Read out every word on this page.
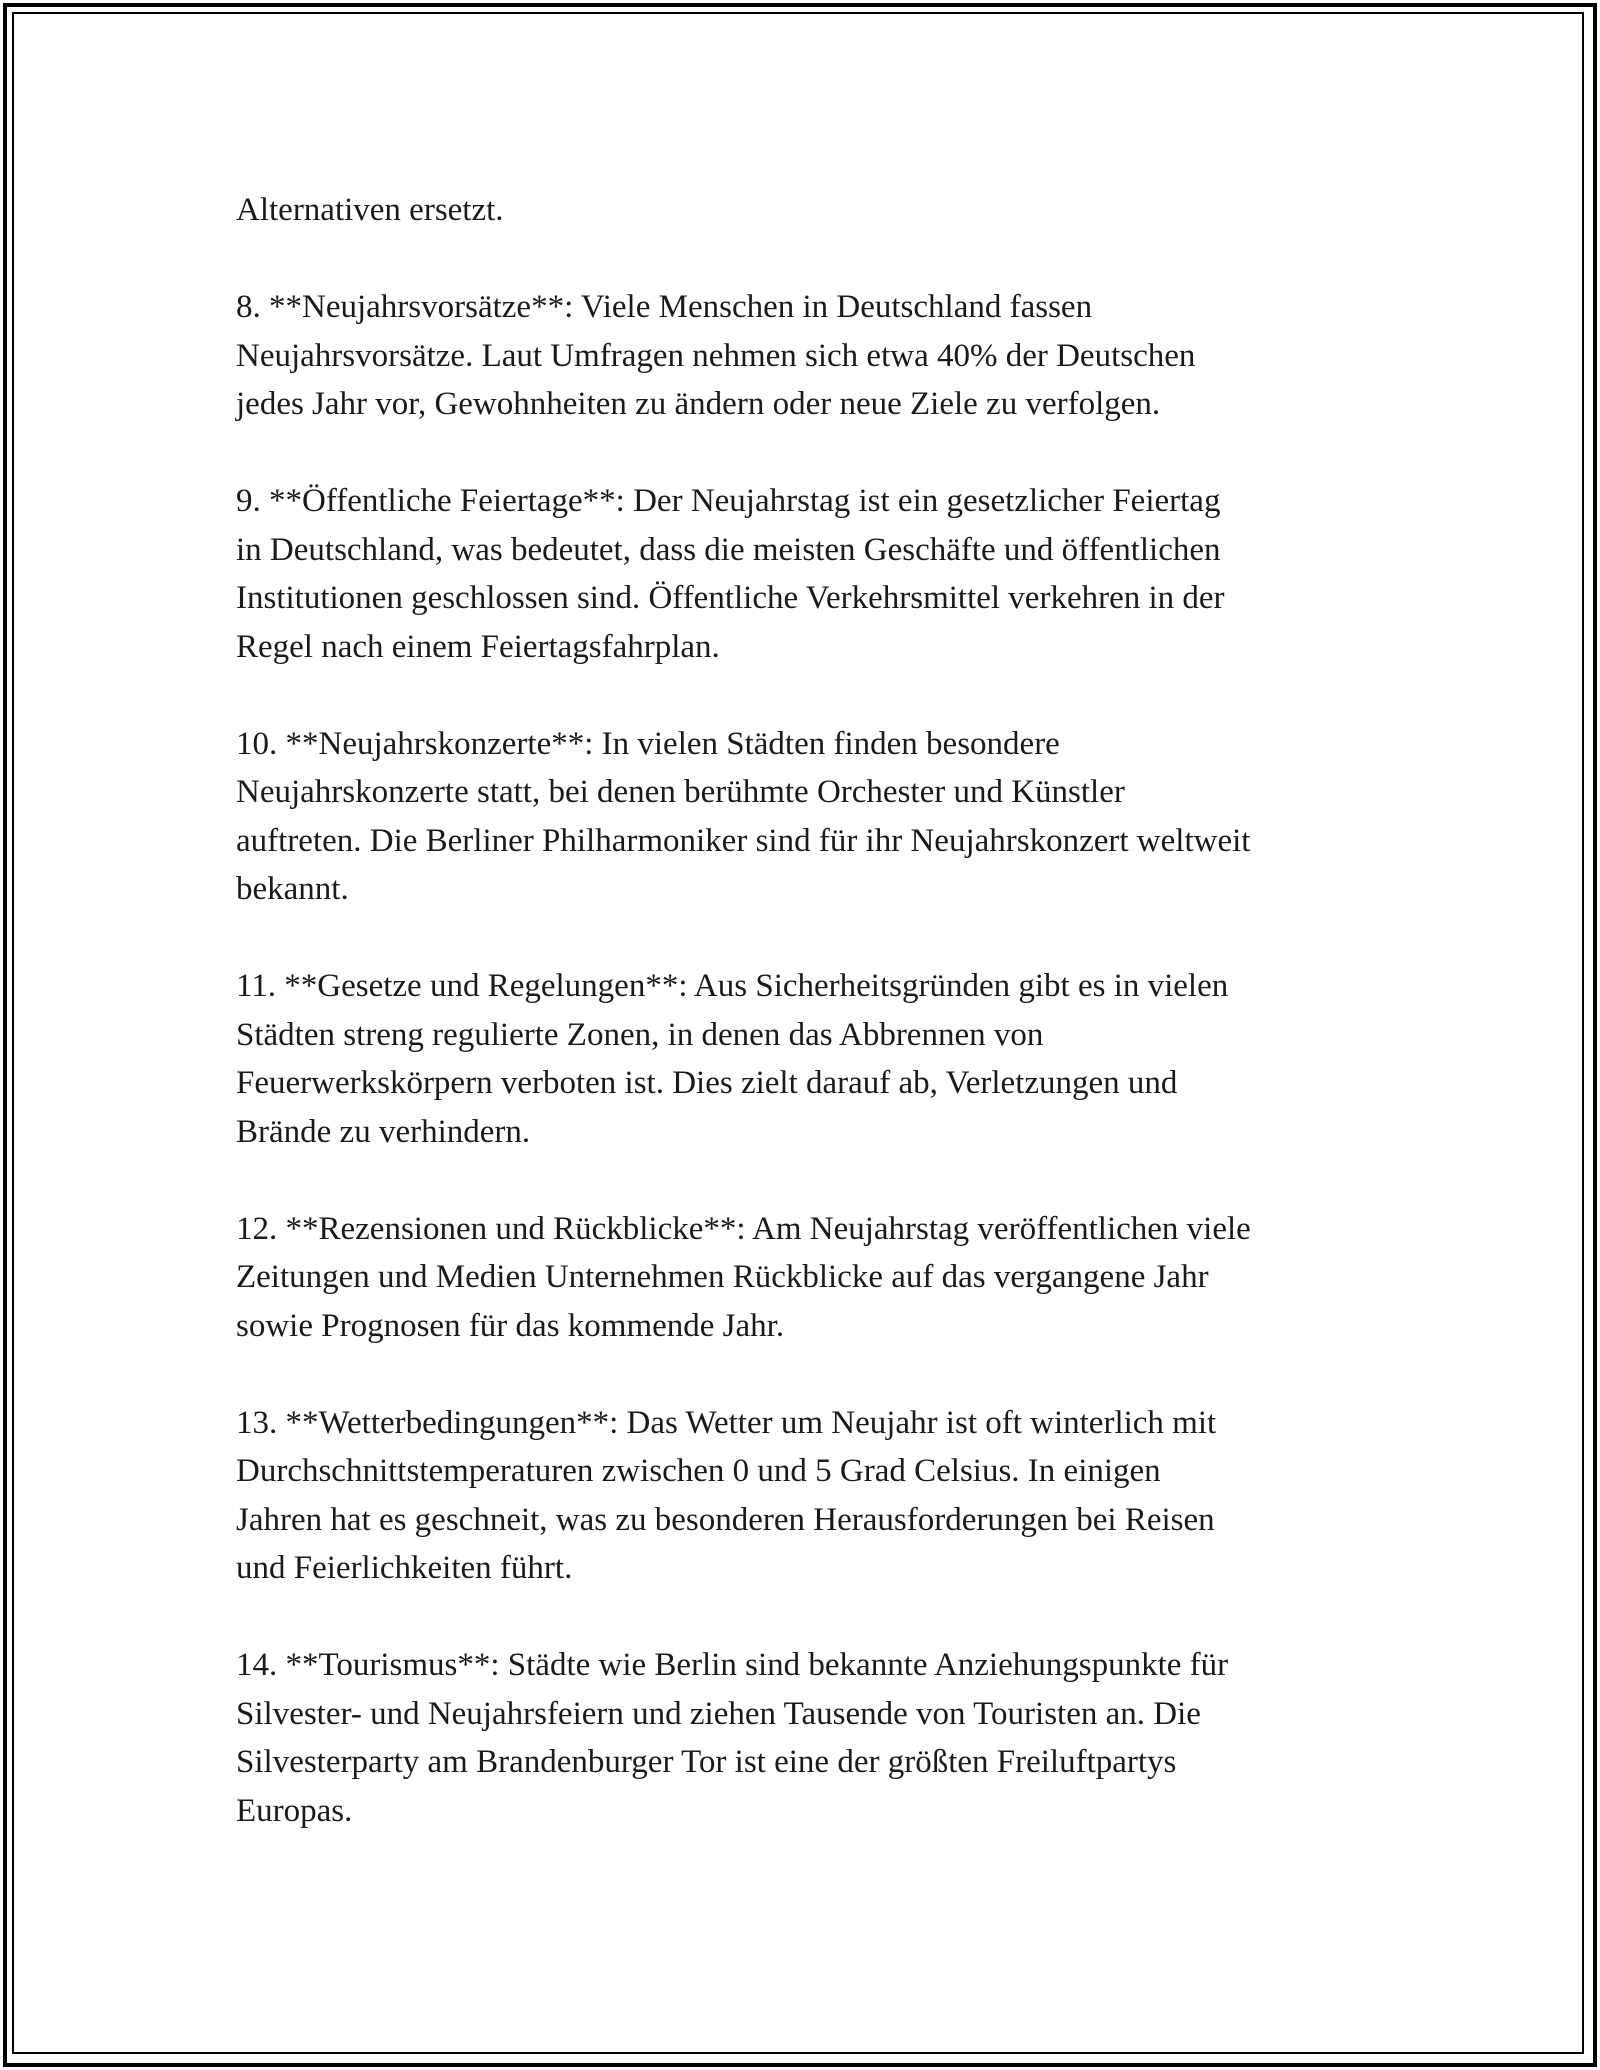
Alternativen ersetzt.

8. **Neujahrsvorsätze**: Viele Menschen in Deutschland fassen
Neujahrsvorsätze. Laut Umfragen nehmen sich etwa 40% der Deutschen
jedes Jahr vor, Gewohnheiten zu ändern oder neue Ziele zu verfolgen.

9. **Öffentliche Feiertage**: Der Neujahrstag ist ein gesetzlicher Feiertag
in Deutschland, was bedeutet, dass die meisten Geschäfte und öffentlichen
Institutionen geschlossen sind. Öffentliche Verkehrsmittel verkehren in der
Regel nach einem Feiertagsfahrplan.

10. **Neujahrskonzerte**: In vielen Städten finden besondere
Neujahrskonzerte statt, bei denen berühmte Orchester und Künstler
auftreten. Die Berliner Philharmoniker sind für ihr Neujahrskonzert weltweit
bekannt.

11. **Gesetze und Regelungen**: Aus Sicherheitsgründen gibt es in vielen
Städten streng regulierte Zonen, in denen das Abbrennen von
Feuerwerkskörpern verboten ist. Dies zielt darauf ab, Verletzungen und
Brände zu verhindern.

12. **Rezensionen und Rückblicke**: Am Neujahrstag veröffentlichen viele
Zeitungen und Medien Unternehmen Rückblicke auf das vergangene Jahr
sowie Prognosen für das kommende Jahr.

13. **Wetterbedingungen**: Das Wetter um Neujahr ist oft winterlich mit
Durchschnittstemperaturen zwischen 0 und 5 Grad Celsius. In einigen
Jahren hat es geschneit, was zu besonderen Herausforderungen bei Reisen
und Feierlichkeiten führt.

14. **Tourismus**: Städte wie Berlin sind bekannte Anziehungspunkte für
Silvester- und Neujahrsfeiern und ziehen Tausende von Touristen an. Die
Silvesterparty am Brandenburger Tor ist eine der größten Freiluftpartys
Europas.
